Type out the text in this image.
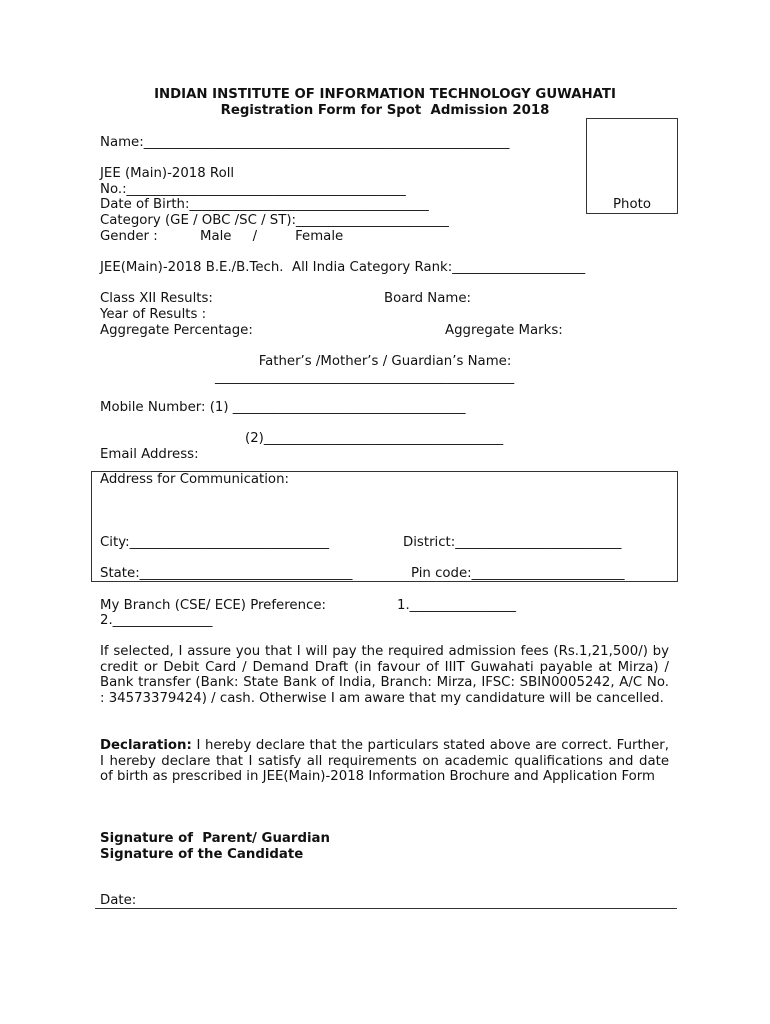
INDIAN INSTITUTE OF INFORMATION TECHNOLOGY GUWAHATI
Registration Form for Spot  Admission 2018
Photo
Name:_______________________________________________________
JEE (Main)-2018 Roll
No.:__________________________________________
Date of Birth:____________________________________
Category (GE / OBC /SC / ST):_______________________
Gender :          Male     /         Female
JEE(Main)-2018 B.E./B.Tech.  All India Category Rank:____________________
Class XII Results:	Board Name:
Year of Results :
Aggregate Percentage:	Aggregate Marks:
Father’s /Mother’s / Guardian’s Name:
_____________________________________________
Mobile Number: (1) ___________________________________
(2)____________________________________
Email Address:
Address for Communication:
City:______________________________	District:_________________________
State:________________________________	Pin code:_______________________
My Branch (CSE/ ECE) Preference:	1.________________
2._______________
If selected, I assure you that I will pay the required admission fees (Rs.1,21,500/) by credit or Debit Card / Demand Draft (in favour of IIIT Guwahati payable at Mirza) / Bank transfer (Bank: State Bank of India, Branch: Mirza, IFSC: SBIN0005242, A/C No. : 34573379424) / cash. Otherwise I am aware that my candidature will be cancelled.
Declaration: I hereby declare that the particulars stated above are correct. Further, I hereby declare that I satisfy all requirements on academic qualifications and date of birth as prescribed in JEE(Main)-2018 Information Brochure and Application Form
Signature of  Parent/ Guardian
Signature of the Candidate
Date:
